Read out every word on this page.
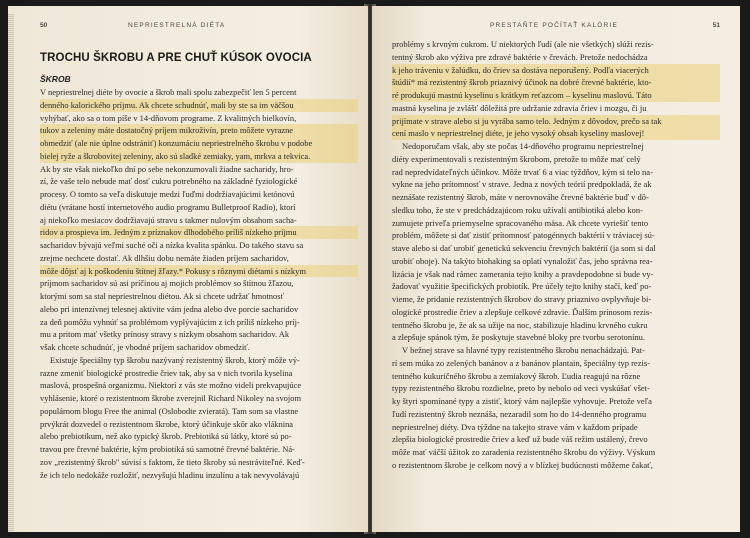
50	NEPRIESTRELNÁ DIÉTA
TROCHU ŠKROBU A PRE CHUŤ KÚSOK OVOCIA
ŠKROB
V nepriestrelnej diéte by ovocie a škrob mali spolu zabezpečiť len 5 percent
denného kalorického príjmu. Ak chcete schudnúť, mali by ste sa im väčšou
vyhýbať, ako sa o tom píše v 14-dňovom programe. Z kvalitných bielkovín,
tukov a zeleniny máte dostatočný príjem mikroživín, preto môžete vyrazne
obmedziť (ale nie úplne odstrániť) konzumáciu nepriestrelného škrobu v podobe
bielej ryže a škrobovitej zeleniny, ako sú sladké zemiaky, yam, mrkva a tekvica.
Ak by ste však niekoľko dní po sebe nekonzumovali žiadne sacharidy, hro-
zí, že vaše telo nebude mať dosť cukru potrebného na základné fyziologické
procesy. O tomto sa veľa diskutuje medzi ľuďmi dodržiavajúcimi ketónovú
diétu (vrátane hostí internetového audio programu Bulletproof Radio), ktorí
aj niekoľko mesiacov dodržiavajú stravu s takmer nulovým obsahom sachа-
ridov a prospieva im. Jedným z príznakov dlhodobého príliš nízkeho príjmu
sacharidov bývajú veľmi suché oči a nízka kvalita spánku. Do takého stavu sa
zrejme nechcete dostať. Ak dlhšiu dobu nemáte žiaden príjem sacharidov,
môže dôjsť aj k poškodeniu štítnej žľazy.* Pokusy s rôznymi diétami s nízkym
príjmom sacharidov sú asi príčinou aj mojich problémov so štítnou žľazou,
ktorými som sa stal nepriestrelnou diétou. Ak si chcete udržať hmotnosť
alebo pri intenzívnej telesnej aktivite vám jedna alebo dve porcie sacharidov
za deň pomôžu vyhnúť sa problémom vyplývajúcim z ich príliš nízkeho príj-
mu a pritom mať všetky prínosy stravy s nízkym obsahom sacharidov. Ak
však chcete schudnúť, je vhodné príjem sacharidov obmedziť.
Existuje špeciálny typ škrobu nazývaný rezistentný škrob, ktorý môže vý-
razne zmeniť biologické prostredie čriev tak, aby sa v nich tvorila kyselina
maslová, prospešná organizmu. Niektorí z vás ste možno videli prekvapujúce
vyhlásenie, ktoré o rezistentnom škrobe zverejnil Richard Nikoley na svojom
populárnom blogu Free the animal (Oslobodte zvieratá). Tam som sa vlastne
prvýkrát dozvedel o rezistentnom škrobe, ktorý účinkuje skôr ako vláknina
alebo prebiotikum, než ako typický škrob. Prebiotiká sú látky, ktoré sú po-
travou pre črevné baktérie, kým probiotiká sú samotné črevné baktérie. Ná-
zov „rezistentný škrob" súvisí s faktom, že tieto škroby sú nestráviteľné. Keď-
že ich telo nedokáže rozložiť, nezvyšujú hladinu inzulínu a tak nevyvolávajú
PRESTAŇTE POČÍTAŤ KALÓRIE	51
problémy s krvným cukrom. U niektorých ľudí (ale nie všetkých) slúži rezis-
tentný škrob ako výživa pre zdravé baktérie v črevách. Pretože nedochádza
k jeho tráveniu v žalúdku, do čriev sa dostáva neporušený. Podľa viacerých
štúdií* má rezistentný škrob priaznivý účinok na dobré črevné baktérie, kto-
ré produkujú mastnú kyselinu s krátkym reťazcom – kyselinu maslovú. Táto
mastná kyselina je zvlášť dôležitá pre udržanie zdravia čriev i mozgu, či ju
prijímate v strave alebo si ju vyrába samo telo. Jedným z dôvodov, prečo sa tak
cení maslo v nepriestrelnej diéte, je jeho vysoký obsah kyseliny maslovej!
Nedoporučam však, aby ste počas 14-dňového programu nepriestrelnej
diéty experimentovali s rezistentným škrobom, pretože to môže mať celý
rad nepredvídateľných účinkov. Môže trvať 6 a viac týždňov, kým si telo na-
vykne na jeho prítomnosť v strave. Jedna z nových teórií predpokladá, že ak
neznášate rezistentný škrob, máte v nerovnováhe črevné baktérie buď v dô-
sledku toho, že ste v predchádzajúcom roku užívali antibiotiká alebo kon-
zumujete priveľa priemyselne spracovaného mäsa. Ak chcete vyriešiť tento
problém, môžete si dať zistiť prítomnosť patogénnych baktérií v tráviacej sú-
stave alebo si dať urobiť genetickú sekvenciu črevných baktérií (ja som si dal
urobiť oboje). Na takýto biohaking sa oplatí vynaložiť čas, jeho správna rea-
lizácia je však nad rámec zamerania tejto knihy a pravdepodobne si bude vy-
žadovať využitie špecifických probiotík. Pre účely tejto knihy stačí, keď po-
vieme, že pridanie rezistentných škrobov do stravy priaznivo ovplyvňuje bi-
ologické prostredie čriev a zlepšuje celkové zdravie. Ďalším prínosom rezis-
tentného škrobu je, že ak sa užije na noc, stabilizuje hladinu krvného cukru
a zlepšuje spánok tým, že poskytuje stavebné bloky pre tvorbu serotonínu.
V bežnej strave sa hlavné typy rezistentného škrobu nenachádzajú. Pat-
rí sem múka zo zelených banánov a z banánov plantain, špeciálny typ rezis-
tentného kukuričného škrobu a zemiakový škrob. Ľudia reagujú na rôzne
typy rezistentného škrobu rozdielne, preto by nebolo od veci vyskúšať všet-
ky štyri spomínané typy a zistiť, ktorý vám najlepšie vyhovuje. Pretože veľa
ľudí rezistentný škrob neznáša, nezaradil som ho do 14-denného programu
nepriestrelnej diéty. Dva týždne na takejto strave vám v každom prípade
zlepšia biologické prostredie čriev a keď už bude váš režim ustálený, črevo
môže mať väčší úžitok zo zaradenia rezistentného škrobu do výživy. Výskum
o rezistentnom škrobe je celkom nový a v blízkej budúcnosti môžeme čakať,
